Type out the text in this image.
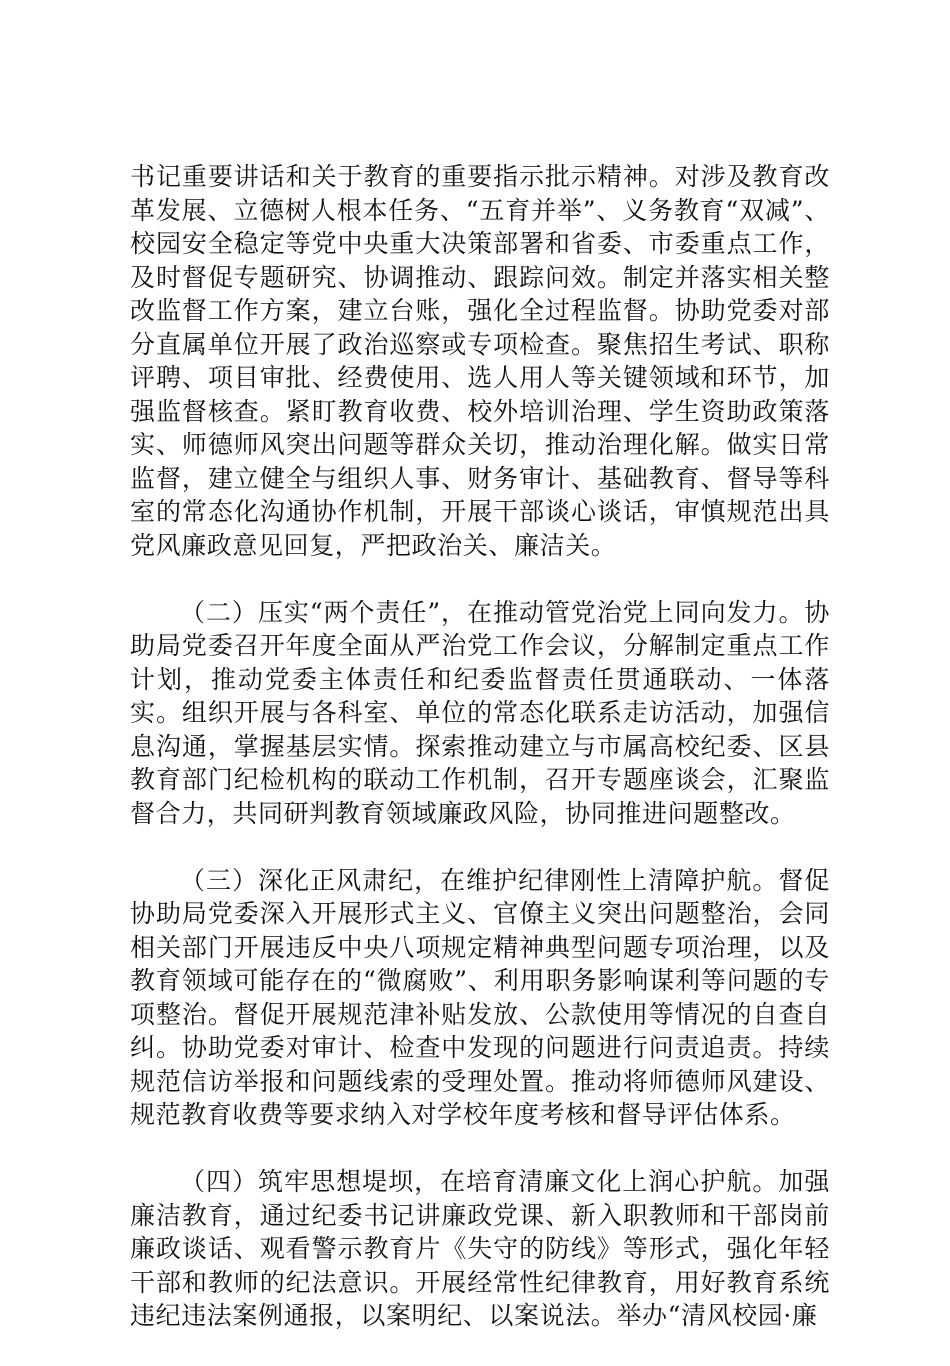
书记重要讲话和关于教育的重要指示批示精神。对涉及教育改革发展、立德树人根本任务、“五育并举”、义务教育“双减”、校园安全稳定等党中央重大决策部署和省委、市委重点工作，及时督促专题研究、协调推动、跟踪问效。制定并落实相关整改监督工作方案，建立台账，强化全过程监督。协助党委对部分直属单位开展了政治巡察或专项检查。聚焦招生考试、职称评聘、项目审批、经费使用、选人用人等关键领域和环节，加强监督核查。紧盯教育收费、校外培训治理、学生资助政策落实、师德师风突出问题等群众关切，推动治理化解。做实日常监督，建立健全与组织人事、财务审计、基础教育、督导等科室的常态化沟通协作机制，开展干部谈心谈话，审慎规范出具党风廉政意见回复，严把政治关、廉洁关。

（二）压实“两个责任”，在推动管党治党上同向发力。协助局党委召开年度全面从严治党工作会议，分解制定重点工作计划，推动党委主体责任和纪委监督责任贯通联动、一体落实。组织开展与各科室、单位的常态化联系走访活动，加强信息沟通，掌握基层实情。探索推动建立与市属高校纪委、区县教育部门纪检机构的联动工作机制，召开专题座谈会，汇聚监督合力，共同研判教育领域廉政风险，协同推进问题整改。

（三）深化正风肃纪，在维护纪律刚性上清障护航。督促协助局党委深入开展形式主义、官僚主义突出问题整治，会同相关部门开展违反中央八项规定精神典型问题专项治理，以及教育领域可能存在的“微腐败”、利用职务影响谋利等问题的专项整治。督促开展规范津补贴发放、公款使用等情况的自查自纠。协助党委对审计、检查中发现的问题进行问责追责。持续规范信访举报和问题线索的受理处置。推动将师德师风建设、规范教育收费等要求纳入对学校年度考核和督导评估体系。

（四）筑牢思想堤坝，在培育清廉文化上润心护航。加强廉洁教育，通过纪委书记讲廉政党课、新入职教师和干部岗前廉政谈话、观看警示教育片《失守的防线》等形式，强化年轻干部和教师的纪法意识。开展经常性纪律教育，用好教育系统违纪违法案例通报，以案明纪、以案说法。举办“清风校园·廉
